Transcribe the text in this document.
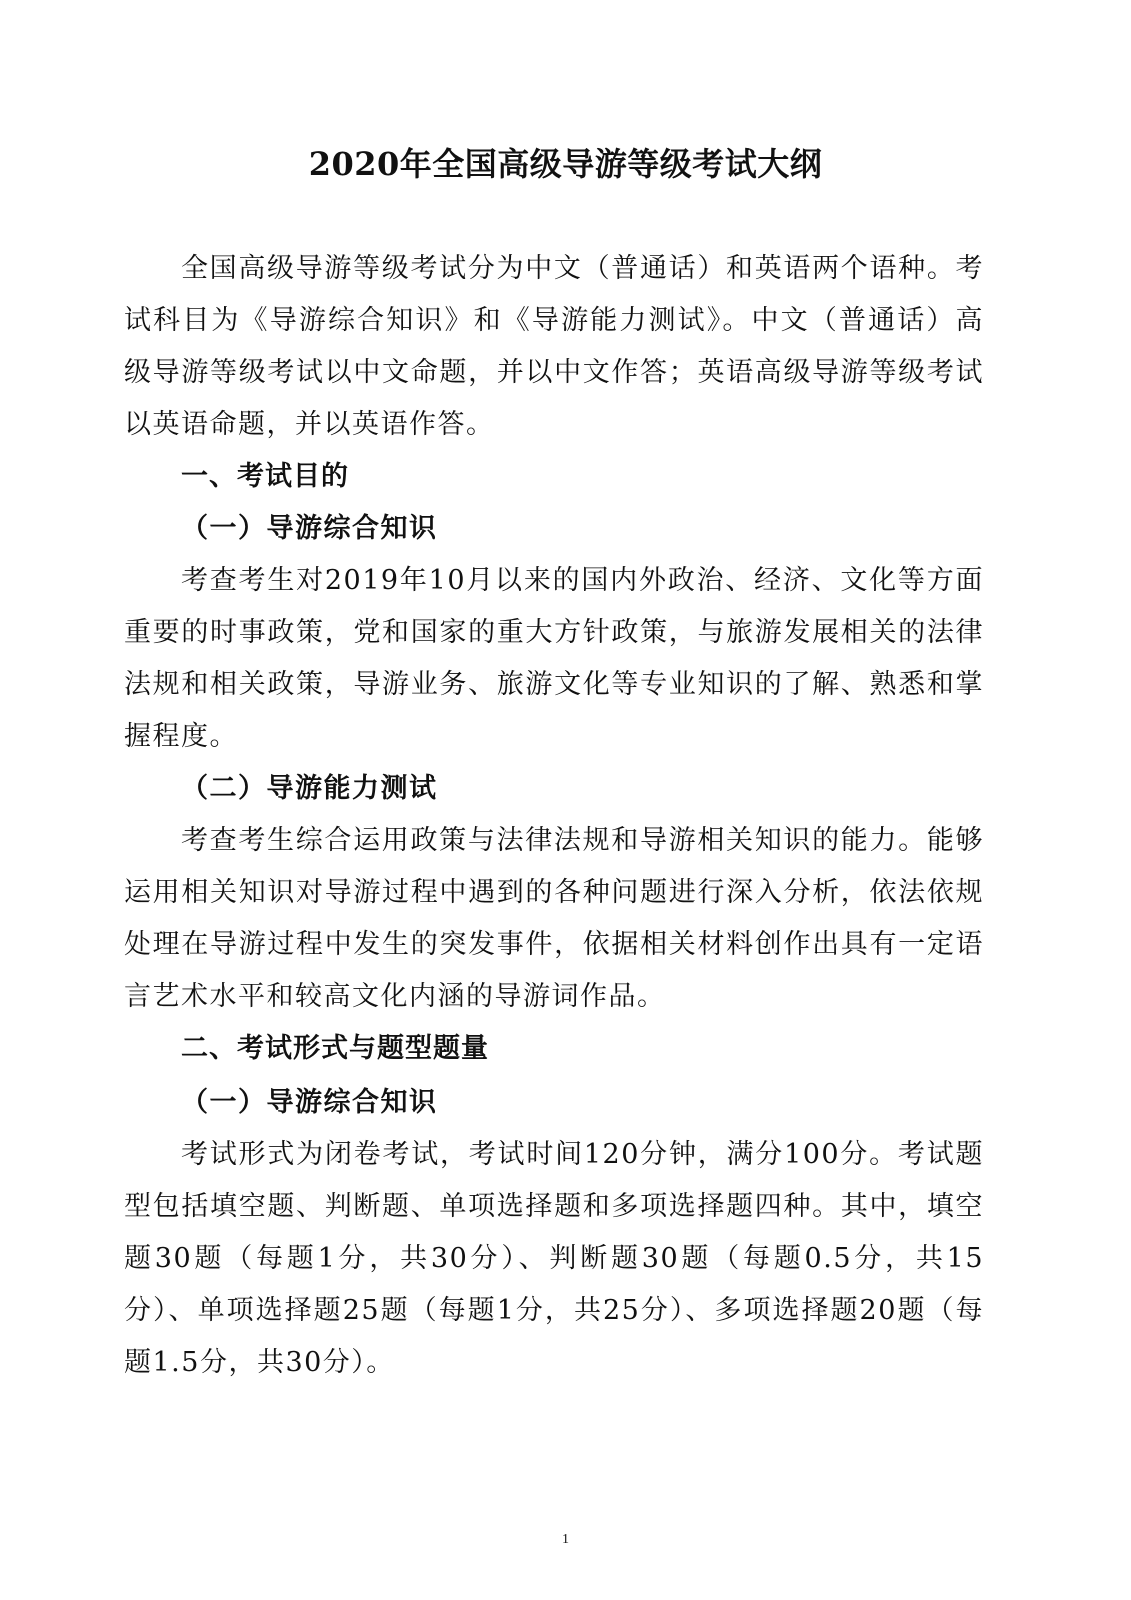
2020年全国高级导游等级考试大纲

全国高级导游等级考试分为中文（普通话）和英语两个语种。考试科目为《导游综合知识》和《导游能力测试》。中文（普通话）高级导游等级考试以中文命题，并以中文作答；英语高级导游等级考试以英语命题，并以英语作答。

一、考试目的
（一）导游综合知识

考查考生对2019年10月以来的国内外政治、经济、文化等方面重要的时事政策，党和国家的重大方针政策，与旅游发展相关的法律法规和相关政策，导游业务、旅游文化等专业知识的了解、熟悉和掌握程度。

（二）导游能力测试

考查考生综合运用政策与法律法规和导游相关知识的能力。能够运用相关知识对导游过程中遇到的各种问题进行深入分析，依法依规处理在导游过程中发生的突发事件，依据相关材料创作出具有一定语言艺术水平和较高文化内涵的导游词作品。

二、考试形式与题型题量
（一）导游综合知识

考试形式为闭卷考试，考试时间120分钟，满分100分。考试题型包括填空题、判断题、单项选择题和多项选择题四种。其中，填空题30题（每题1分，共30分）、判断题30题（每题0.5分，共15分）、单项选择题25题（每题1分，共25分）、多项选择题20题（每题1.5分，共30分）。

1
